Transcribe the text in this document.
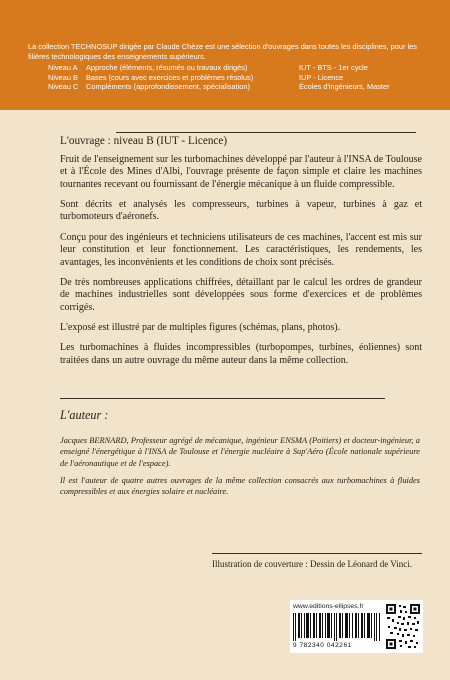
La collection TECHNOSUP dirigée par Claude Chèze est une sélection d'ouvrages dans toutes les disciplines, pour les filières technologiques des enseignements supérieurs.

Niveau A	Approche (éléments, résumés ou travaux dirigés)	IUT - BTS - 1er cycle
Niveau B	Bases (cours avec exercices et problèmes résolus)	IUP - Licence
Niveau C	Compléments (approfondissement, spécialisation)	Écoles d'ingénieurs, Master
L'ouvrage : niveau B (IUT - Licence)

Fruit de l'enseignement sur les turbomachines développé par l'auteur à l'INSA de Toulouse et à l'École des Mines d'Albi, l'ouvrage présente de façon simple et claire les machines tournantes recevant ou fournissant de l'énergie mécanique à un fluide compressible.

Sont décrits et analysés les compresseurs, turbines à vapeur, turbines à gaz et turbomoteurs d'aéronefs.

Conçu pour des ingénieurs et techniciens utilisateurs de ces machines, l'accent est mis sur leur constitution et leur fonctionnement. Les caractéristiques, les rendements, les avantages, les inconvénients et les conditions de choix sont précisés.

De très nombreuses applications chiffrées, détaillant par le calcul les ordres de grandeur de machines industrielles sont développées sous forme d'exercices et de problèmes corrigés.

L'exposé est illustré par de multiples figures (schémas, plans, photos).

Les turbomachines à fluides incompressibles (turbopompes, turbines, éoliennes) sont traitées dans un autre ouvrage du même auteur dans la même collection.

L'auteur :

Jacques BERNARD, Professeur agrégé de mécanique, ingénieur ENSMA (Poitiers) et docteur-ingénieur, a enseigné l'énergétique à l'INSA de Toulouse et l'énergie nucléaire à Sup'Aéro (École nationale supérieure de l'aéronautique et de l'espace).

Il est l'auteur de quatre autres ouvrages de la même collection consacrés aux turbomachines à fluides compressibles et aux énergies solaire et nucléaire.

Illustration de couverture : Dessin de Léonard de Vinci.
www.editions-ellipses.fr
9 782340 042261
